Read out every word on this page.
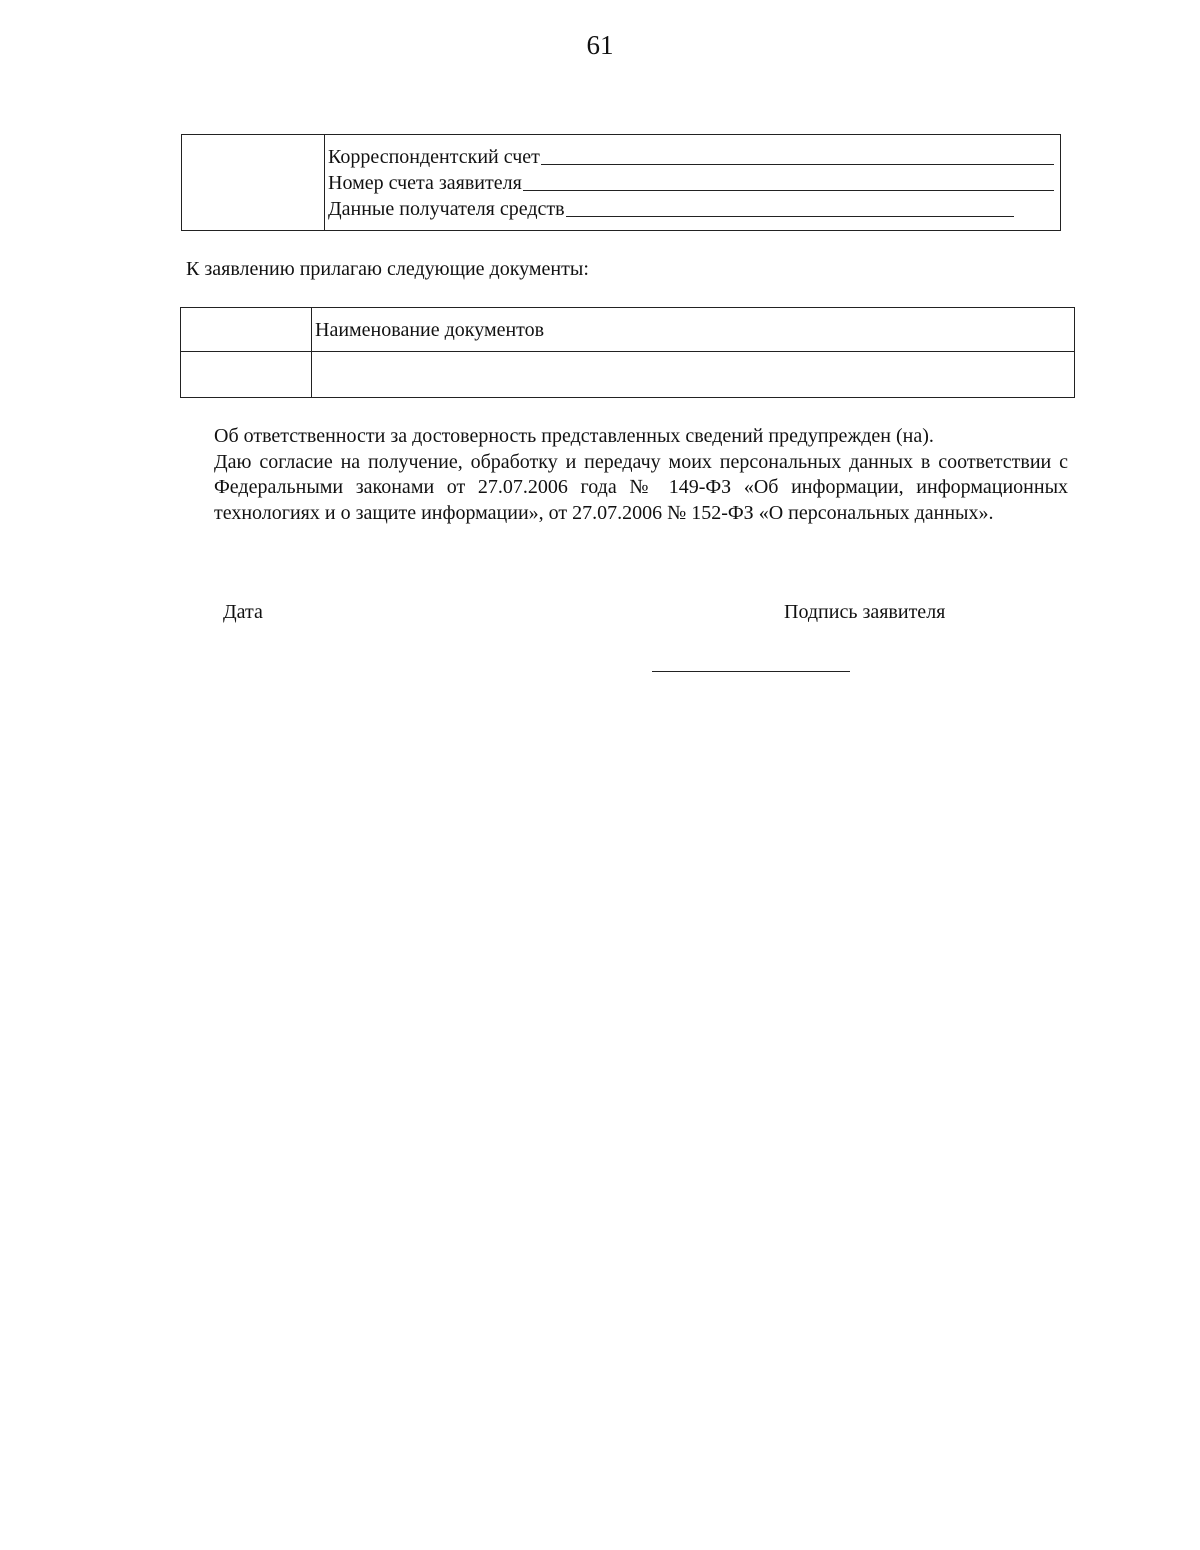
61
Корреспондентский счет
Номер счета заявителя
Данные получателя средств
К заявлению прилагаю следующие документы:
Наименование документов

Об ответственности за достоверность представленных сведений предупрежден (на).

Даю согласие на получение, обработку и передачу моих персональных данных в соответствии с Федеральными законами от 27.07.2006 года № 149-ФЗ «Об информации, информационных технологиях и о защите информации», от 27.07.2006 № 152-ФЗ «О персональных данных».

Дата	Подпись заявителя
